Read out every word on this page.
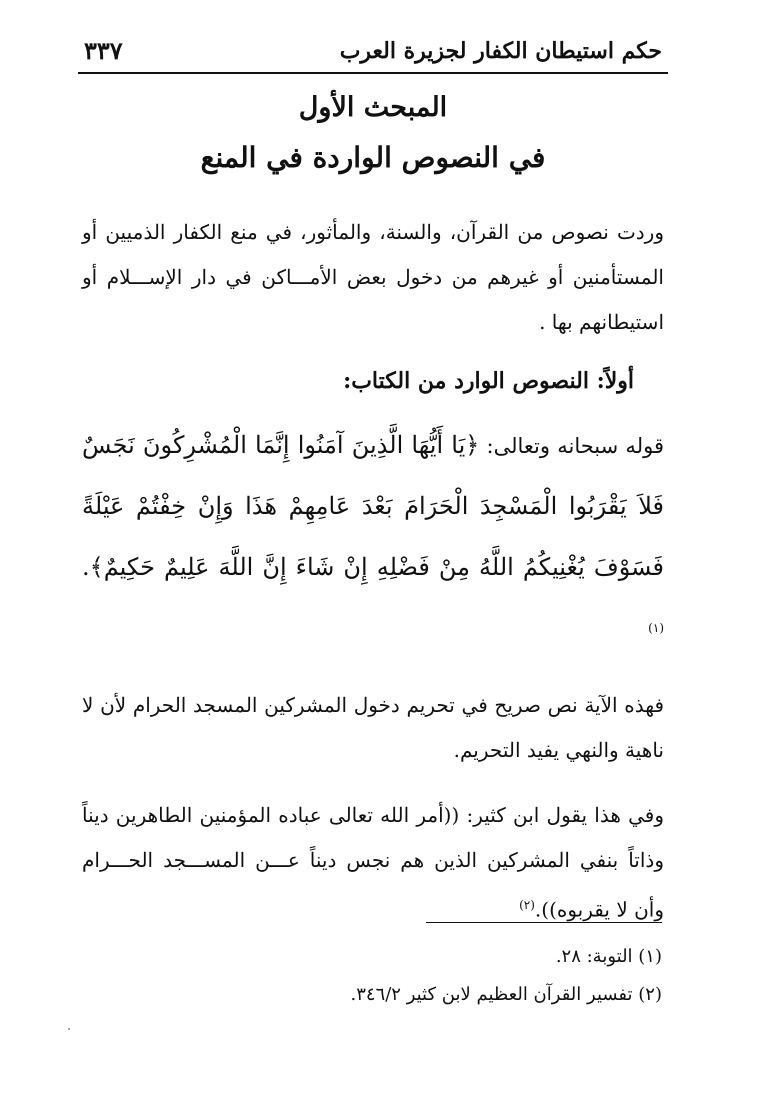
حكم استيطان الكفار لجزيرة العرب
٣٣٧
المبحث الأول
في النصوص الواردة في المنع

وردت نصوص من القرآن، والسنة، والمأثور، في منع الكفار الذميين أو المستأمنين أو غيرهم من دخول بعض الأمـــاكن في دار الإســـلام أو استيطانهم بها .

أولاً: النصوص الوارد من الكتاب:
قوله سبحانه وتعالى: ﴿يَا أَيُّهَا الَّذِينَ آمَنُوا إِنَّمَا الْمُشْرِكُونَ نَجَسٌ فَلاَ يَقْرَبُوا الْمَسْجِدَ الْحَرَامَ بَعْدَ عَامِهِمْ هَذَا وَإِنْ خِفْتُمْ عَيْلَةً فَسَوْفَ يُغْنِيكُمُ اللَّهُ مِنْ فَضْلِهِ إِنْ شَاءَ إِنَّ اللَّهَ عَلِيمٌ حَكِيمٌ﴾. $^{(١)}$

فهذه الآية نص صريح في تحريم دخول المشركين المسجد الحرام لأن لا ناهية والنهي يفيد التحريم.

وفي هذا يقول ابن كثير: ((أمر الله تعالى عباده المؤمنين الطاهرين ديناً وذاتاً بنفي المشركين الذين هم نجس ديناً عـــن المســـجد الحـــرام وأن لا يقربوه)).$^{(٢)}$

(١) التوبة: ٢٨.
(٢) تفسير القرآن العظيم لابن كثير ٣٤٦/٢.
